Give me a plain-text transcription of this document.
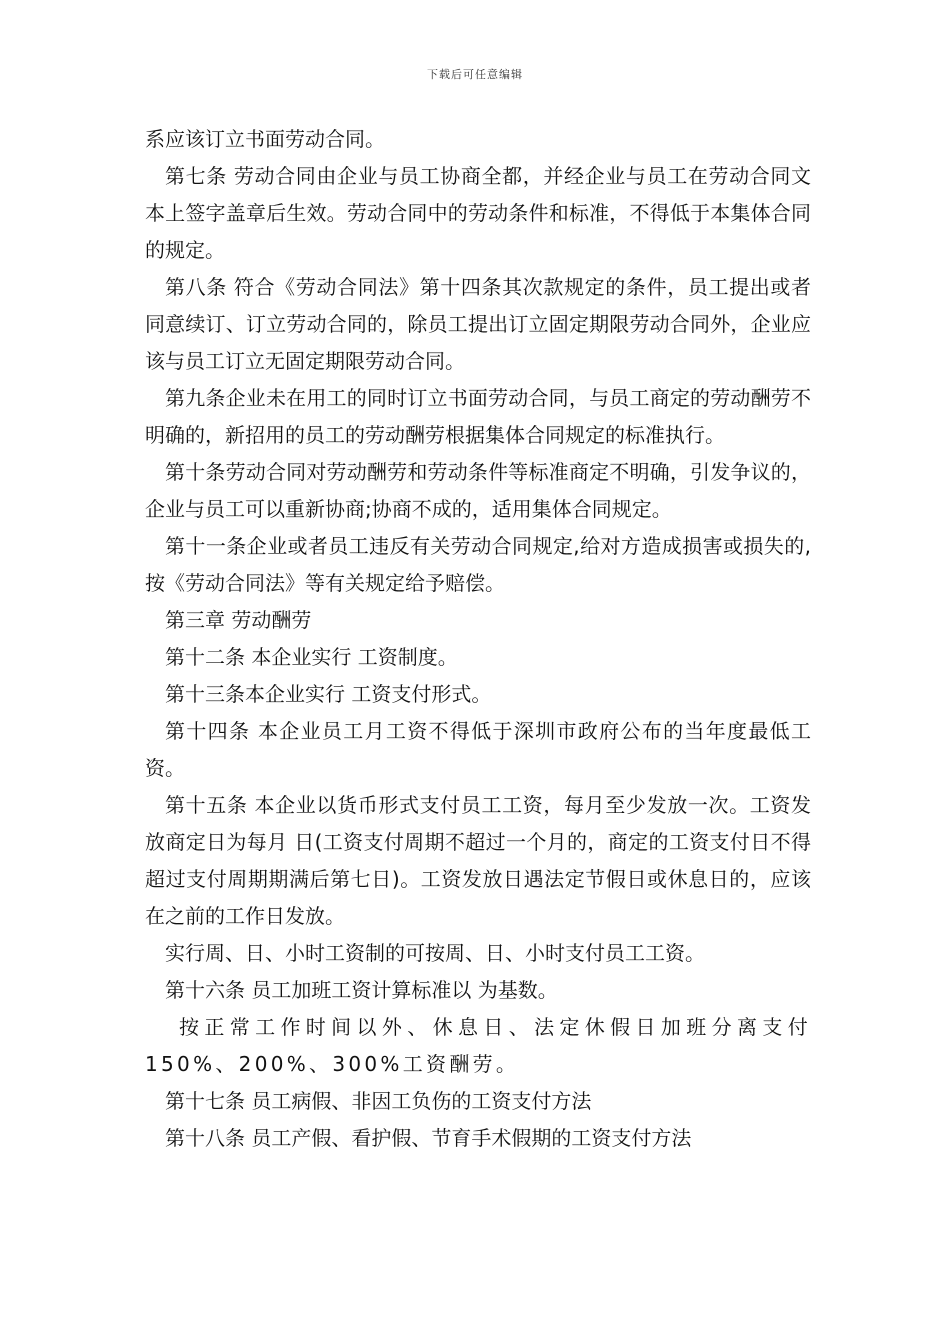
下载后可任意编辑

系应该订立书面劳动合同。

第七条 劳动合同由企业与员工协商全都，并经企业与员工在劳动合同文本上签字盖章后生效。劳动合同中的劳动条件和标准，不得低于本集体合同的规定。

第八条 符合《劳动合同法》第十四条其次款规定的条件，员工提出或者同意续订、订立劳动合同的，除员工提出订立固定期限劳动合同外，企业应该与员工订立无固定期限劳动合同。

第九条企业未在用工的同时订立书面劳动合同，与员工商定的劳动酬劳不明确的，新招用的员工的劳动酬劳根据集体合同规定的标准执行。

第十条劳动合同对劳动酬劳和劳动条件等标准商定不明确，引发争议的，企业与员工可以重新协商;协商不成的，适用集体合同规定。

第十一条企业或者员工违反有关劳动合同规定,给对方造成损害或损失的,按《劳动合同法》等有关规定给予赔偿。

第三章 劳动酬劳

第十二条 本企业实行 工资制度。

第十三条本企业实行 工资支付形式。

第十四条 本企业员工月工资不得低于深圳市政府公布的当年度最低工资。

第十五条 本企业以货币形式支付员工工资，每月至少发放一次。工资发放商定日为每月 日(工资支付周期不超过一个月的，商定的工资支付日不得超过支付周期期满后第七日)。工资发放日遇法定节假日或休息日的，应该在之前的工作日发放。

实行周、日、小时工资制的可按周、日、小时支付员工工资。

第十六条 员工加班工资计算标准以 为基数。

按正常工作时间以外、休息日、法定休假日加班分离支付150%、200%、300%工资酬劳。

第十七条 员工病假、非因工负伤的工资支付方法

第十八条 员工产假、看护假、节育手术假期的工资支付方法
